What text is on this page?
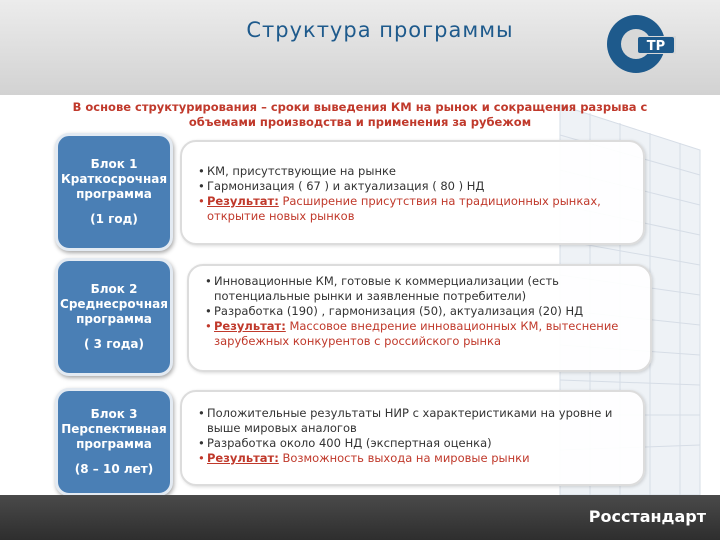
Структура программы
ТР
В основе структурирования – сроки выведения КМ на рынок и сокращения разрыва с
объемами производства и применения за рубежом
Блок 1
Краткосрочная
программа
(1 год)
• КМ, присутствующие на рынке
• Гармонизация ( 67 ) и актуализация ( 80 ) НД
• Результат: Расширение присутствия на традиционных рынках, открытие новых рынков
Блок 2
Среднесрочная
программа
( 3 года)
• Инновационные КМ, готовые к коммерциализации (есть потенциальные рынки и заявленные потребители)
• Разработка (190) , гармонизация (50), актуализация (20) НД
• Результат: Массовое внедрение инновационных КМ, вытеснение зарубежных конкурентов с российского рынка
Блок 3
Перспективная
программа
(8 – 10 лет)
• Положительные результаты НИР с характеристиками на уровне и выше мировых аналогов
• Разработка около 400 НД (экспертная оценка)
• Результат: Возможность выхода на мировые рынки
Росстандарт
